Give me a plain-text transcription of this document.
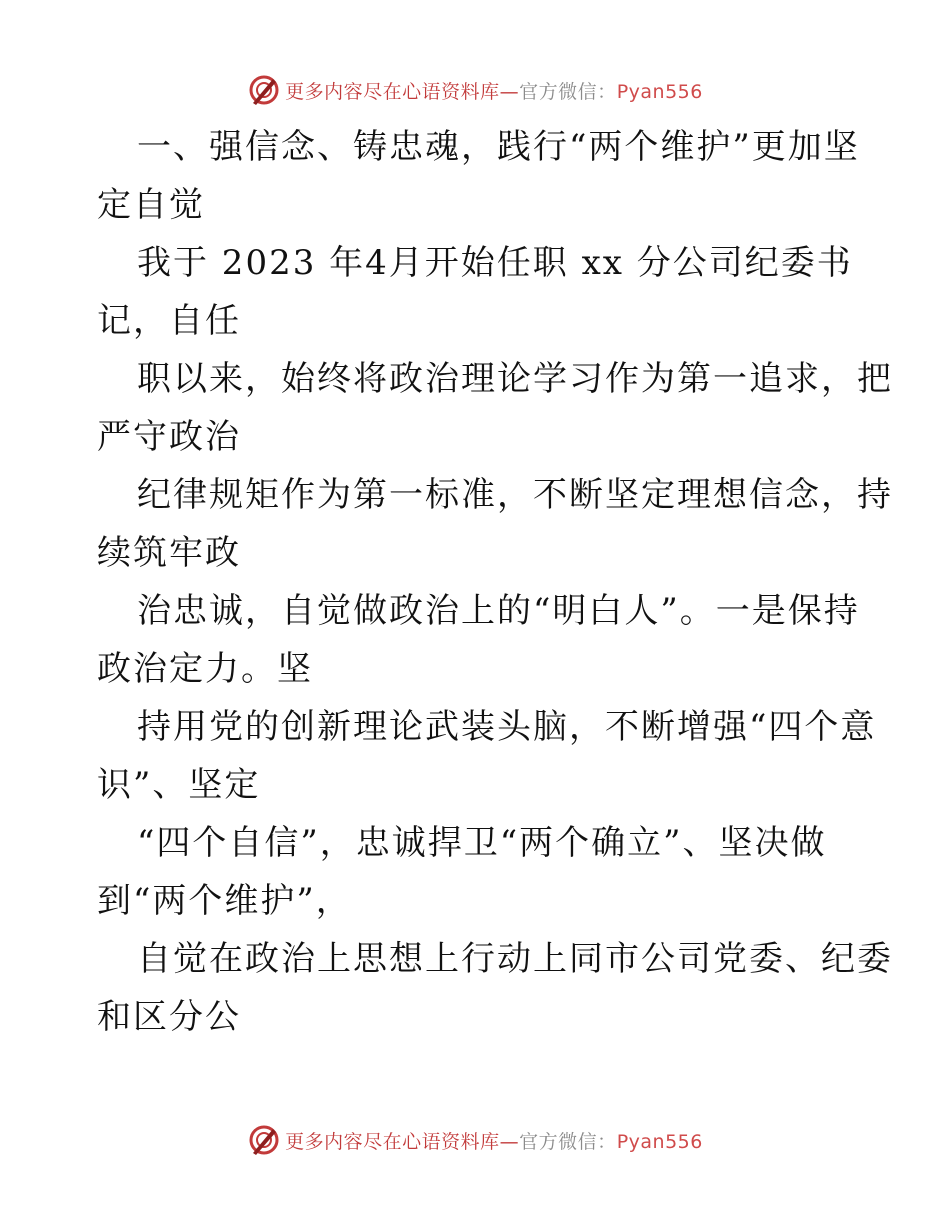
更多内容尽在心语资料库—官方微信：Pyan556
一、强信念、铸忠魂，践行“两个维护”更加坚
定自觉
我于 2023 年4月开始任职 xx 分公司纪委书
记，自任
职以来，始终将政治理论学习作为第一追求，把
严守政治
纪律规矩作为第一标准，不断坚定理想信念，持
续筑牢政
治忠诚，自觉做政治上的“明白人”。一是保持
政治定力。坚
持用党的创新理论武装头脑，不断增强“四个意
识”、坚定
“四个自信”，忠诚捍卫“两个确立”、坚决做
到“两个维护”，
自觉在政治上思想上行动上同市公司党委、纪委
和区分公
更多内容尽在心语资料库—官方微信：Pyan556
